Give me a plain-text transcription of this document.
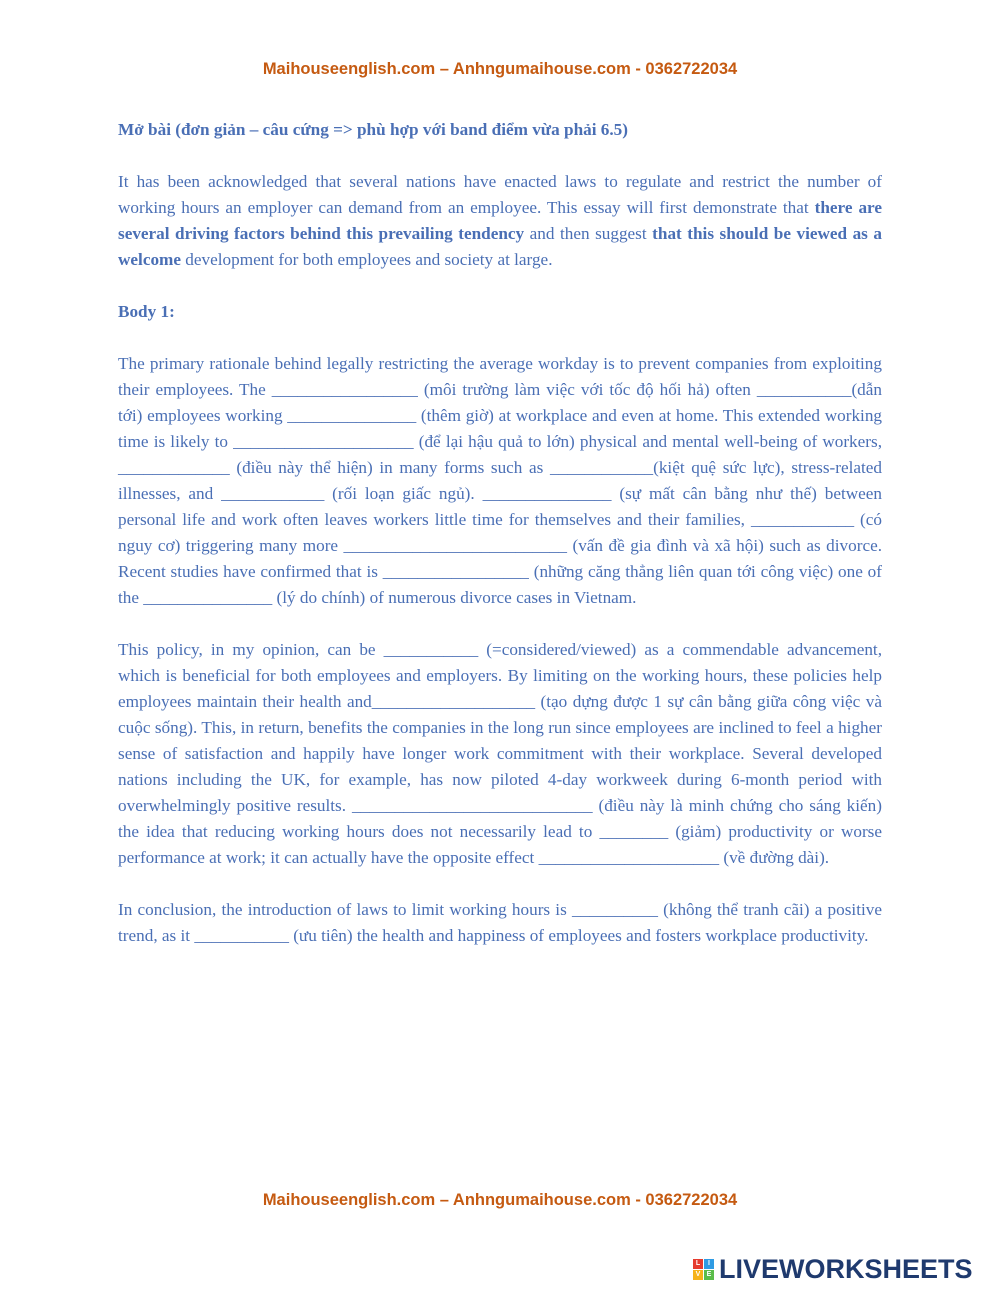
Maihouseenglish.com – Anhngumaihouse.com - 0362722034

Mở bài (đơn giản – câu cứng => phù hợp với band điểm vừa phải 6.5)

It has been acknowledged that several nations have enacted laws to regulate and restrict the number of working hours an employer can demand from an employee. This essay will first demonstrate that there are several driving factors behind this prevailing tendency and then suggest that this should be viewed as a welcome development for both employees and society at large.

Body 1:

The primary rationale behind legally restricting the average workday is to prevent companies from exploiting their employees. The _________________ (môi trường làm việc với tốc độ hối hả) often ___________(dẫn tới) employees working _______________ (thêm giờ) at workplace and even at home. This extended working time is likely to _____________________ (để lại hậu quả to lớn) physical and mental well-being of workers, _____________ (điều này thể hiện) in many forms such as ____________(kiệt quệ sức lực), stress-related illnesses, and ____________ (rối loạn giấc ngủ). _______________ (sự mất cân bằng như thế) between personal life and work often leaves workers little time for themselves and their families, ____________ (có nguy cơ) triggering many more __________________________ (vấn đề gia đình và xã hội) such as divorce. Recent studies have confirmed that is _________________ (những căng thẳng liên quan tới công việc) one of the _______________ (lý do chính) of numerous divorce cases in Vietnam.

This policy, in my opinion, can be ___________ (=considered/viewed) as a commendable advancement, which is beneficial for both employees and employers. By limiting on the working hours, these policies help employees maintain their health and___________________ (tạo dựng được 1 sự cân bằng giữa công việc và cuộc sống). This, in return, benefits the companies in the long run since employees are inclined to feel a higher sense of satisfaction and happily have longer work commitment with their workplace. Several developed nations including the UK, for example, has now piloted 4-day workweek during 6-month period with overwhelmingly positive results. ____________________________ (điều này là minh chứng cho sáng kiến) the idea that reducing working hours does not necessarily lead to ________ (giảm) productivity or worse performance at work; it can actually have the opposite effect _____________________ (về đường dài).

In conclusion, the introduction of laws to limit working hours is __________ (không thể tranh cãi) a positive trend, as it ___________ (ưu tiên) the health and happiness of employees and fosters workplace productivity.

Maihouseenglish.com – Anhngumaihouse.com - 0362722034
L	I
V E LIVEWORKSHEETS
